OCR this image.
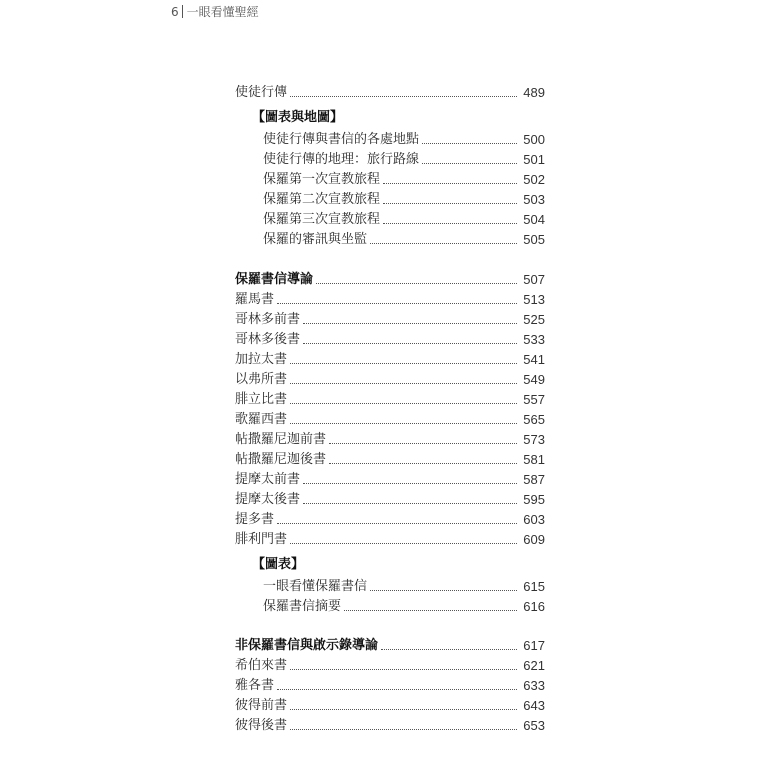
6 一眼看懂聖經
使徒行傳	489
【圖表與地圖】
使徒行傳與書信的各處地點	500
使徒行傳的地理：旅行路線	501
保羅第一次宣教旅程	502
保羅第二次宣教旅程	503
保羅第三次宣教旅程	504
保羅的審訊與坐監	505
保羅書信導論	507
羅馬書	513
哥林多前書	525
哥林多後書	533
加拉太書	541
以弗所書	549
腓立比書	557
歌羅西書	565
帖撒羅尼迦前書	573
帖撒羅尼迦後書	581
提摩太前書	587
提摩太後書	595
提多書	603
腓利門書	609
【圖表】
一眼看懂保羅書信	615
保羅書信摘要	616
非保羅書信與啟示錄導論	617
希伯來書	621
雅各書	633
彼得前書	643
彼得後書	653
